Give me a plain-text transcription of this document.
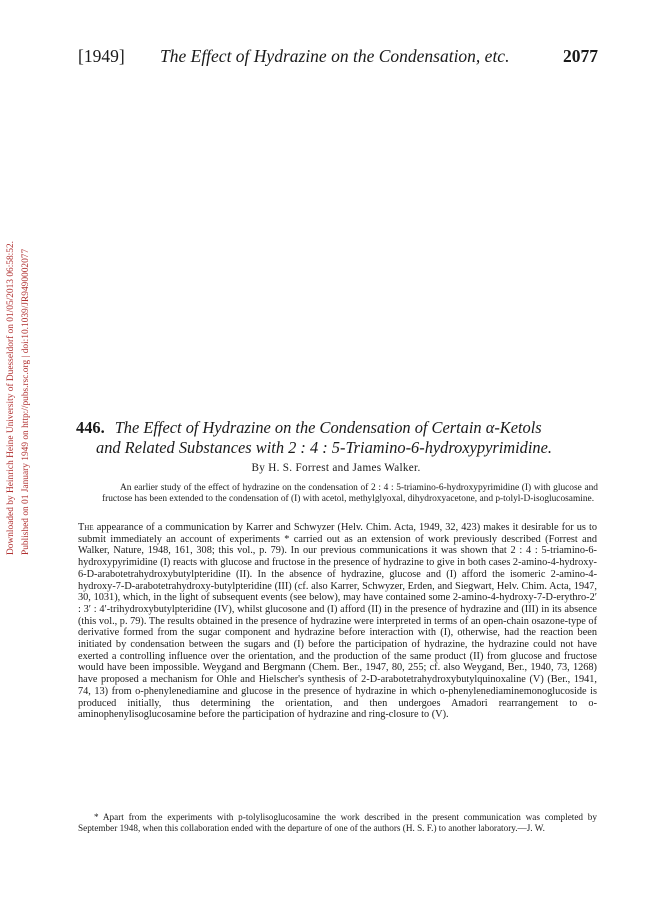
[1949] The Effect of Hydrazine on the Condensation, etc.	2077
Downloaded by Heinrich Heine University of Duesseldorf on 01/05/2013 06:58:52. Published on 01 January 1949 on http://pubs.rsc.org | doi:10.1039/JR9490002077	446. The Effect of Hydrazine on the Condensation of Certain α-Ketols
and Related Substances with 2 : 4 : 5-Triamino-6-hydroxypyrimidine.
By H. S. Forrest and James Walker.

An earlier study of the effect of hydrazine on the condensation of 2 : 4 : 5-triamino-6-hydroxypyrimidine (I) with glucose and fructose has been extended to the condensation of (I) with acetol, methylglyoxal, dihydroxyacetone, and p-tolyl-D-isoglucosamine.

The appearance of a communication by Karrer and Schwyzer (Helv. Chim. Acta, 1949, 32, 423) makes it desirable for us to submit immediately an account of experiments * carried out as an extension of work previously described (Forrest and Walker, Nature, 1948, 161, 308; this vol., p. 79). In our previous communications it was shown that 2 : 4 : 5-triamino-6-hydroxypyrimidine (I) reacts with glucose and fructose in the presence of hydrazine to give in both cases 2-amino-4-hydroxy-6-D-arabotetrahydroxybutylpteridine (II). In the absence of hydrazine, glucose and (I) afford the isomeric 2-amino-4-hydroxy-7-D-arabotetrahydroxy-butylpteridine (III) (cf. also Karrer, Schwyzer, Erden, and Siegwart, Helv. Chim. Acta, 1947, 30, 1031), which, in the light of subsequent events (see below), may have contained some 2-amino-4-hydroxy-7-D-erythro-2′ : 3′ : 4′-trihydroxybutylpteridine (IV), whilst glucosone and (I) afford (II) in the presence of hydrazine and (III) in its absence (this vol., p. 79). The results obtained in the presence of hydrazine were interpreted in terms of an open-chain osazone-type of derivative formed from the sugar component and hydrazine before interaction with (I), otherwise, had the reaction been initiated by condensation between the sugars and (I) before the participation of hydrazine, the hydrazine could not have exerted a controlling influence over the orientation, and the production of the same product (II) from glucose and fructose would have been impossible. Weygand and Bergmann (Chem. Ber., 1947, 80, 255; cf. also Weygand, Ber., 1940, 73, 1268) have proposed a mechanism for Ohle and Hielscher's synthesis of 2-D-arabotetrahydroxybutylquinoxaline (V) (Ber., 1941, 74, 13) from o-phenylenediamine and glucose in the presence of hydrazine in which o-phenylenediaminemonoglucoside is produced initially, thus determining the orientation, and then undergoes Amadori rearrangement to o-aminophenylisoglucosamine before the participation of hydrazine and ring-closure to (V).

* Apart from the experiments with p-tolylisoglucosamine the work described in the present communication was completed by September 1948, when this collaboration ended with the departure of one of the authors (H. S. F.) to another laboratory.—J. W.
